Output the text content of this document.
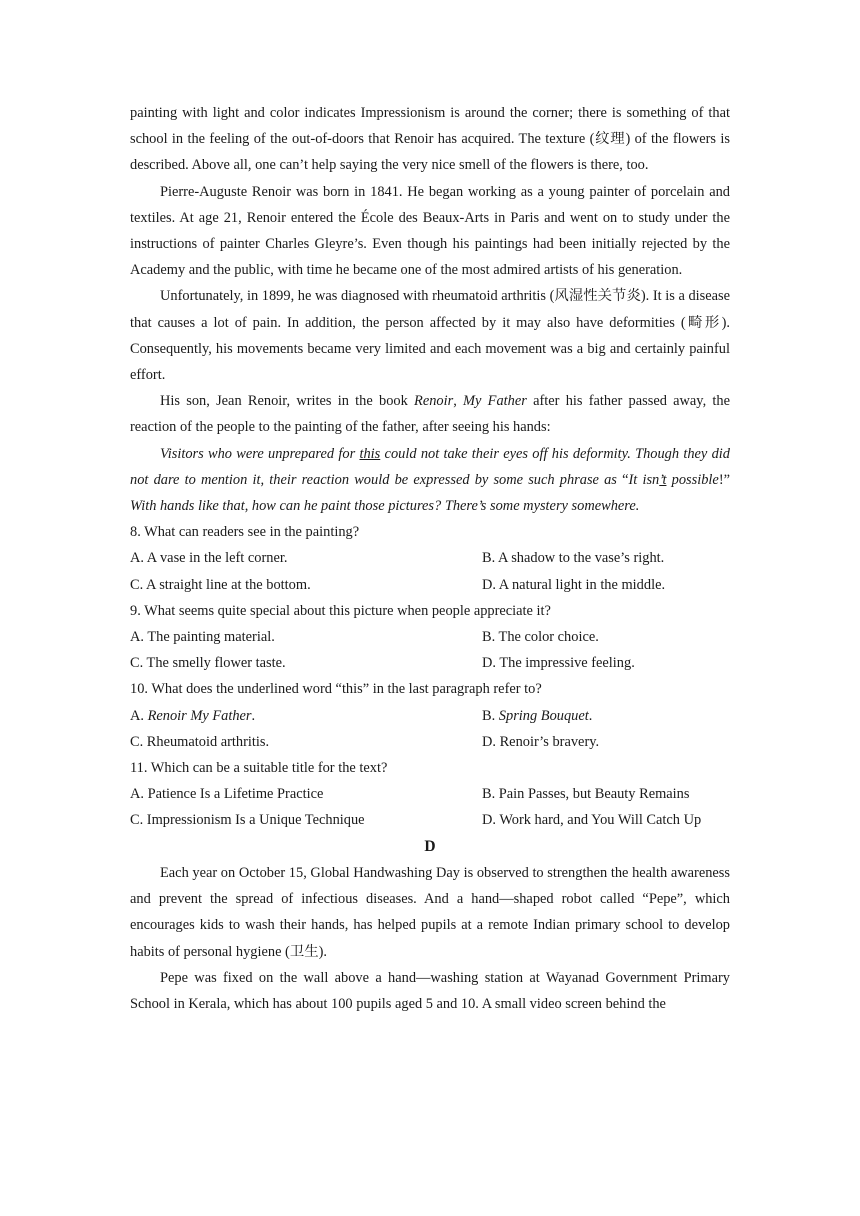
painting with light and color indicates Impressionism is around the corner; there is something of that school in the feeling of the out-of-doors that Renoir has acquired. The texture (纹理) of the flowers is described. Above all, one can’t help saying the very nice smell of the flowers is there, too.

Pierre-Auguste Renoir was born in 1841. He began working as a young painter of porcelain and textiles. At age 21, Renoir entered the École des Beaux-Arts in Paris and went on to study under the instructions of painter Charles Gleyre’s. Even though his paintings had been initially rejected by the Academy and the public, with time he became one of the most admired artists of his generation.

Unfortunately, in 1899, he was diagnosed with rheumatoid arthritis (风湿性关节炎). It is a disease that causes a lot of pain. In addition, the person affected by it may also have deformities (畸形). Consequently, his movements became very limited and each movement was a big and certainly painful effort.

His son, Jean Renoir, writes in the book Renoir, My Father after his father passed away, the reaction of the people to the painting of the father, after seeing his hands:

Visitors who were unprepared for this could not take their eyes off his deformity. Though they did not dare to mention it, their reaction would be expressed by some such phrase as “It isn’t possible!” With hands like that, how can he paint those pictures? There’s some mystery somewhere.

8. What can readers see in the painting?

A. A vase in the left corner.	B. A shadow to the vase’s right.
C. A straight line at the bottom.	D. A natural light in the middle.

9. What seems quite special about this picture when people appreciate it?

A. The painting material.	B. The color choice.
C. The smelly flower taste.	D. The impressive feeling.

10. What does the underlined word “this” in the last paragraph refer to?

A. Renoir My Father.	B. Spring Bouquet.
C. Rheumatoid arthritis.	D. Renoir’s bravery.

11. Which can be a suitable title for the text?

A. Patience Is a Lifetime Practice	B. Pain Passes, but Beauty Remains
C. Impressionism Is a Unique Technique	D. Work hard, and You Will Catch Up

D

Each year on October 15, Global Handwashing Day is observed to strengthen the health awareness and prevent the spread of infectious diseases. And a hand—shaped robot called “Pepe”, which encourages kids to wash their hands, has helped pupils at a remote Indian primary school to develop habits of personal hygiene (卫生).

Pepe was fixed on the wall above a hand—washing station at Wayanad Government Primary School in Kerala, which has about 100 pupils aged 5 and 10. A small video screen behind the
